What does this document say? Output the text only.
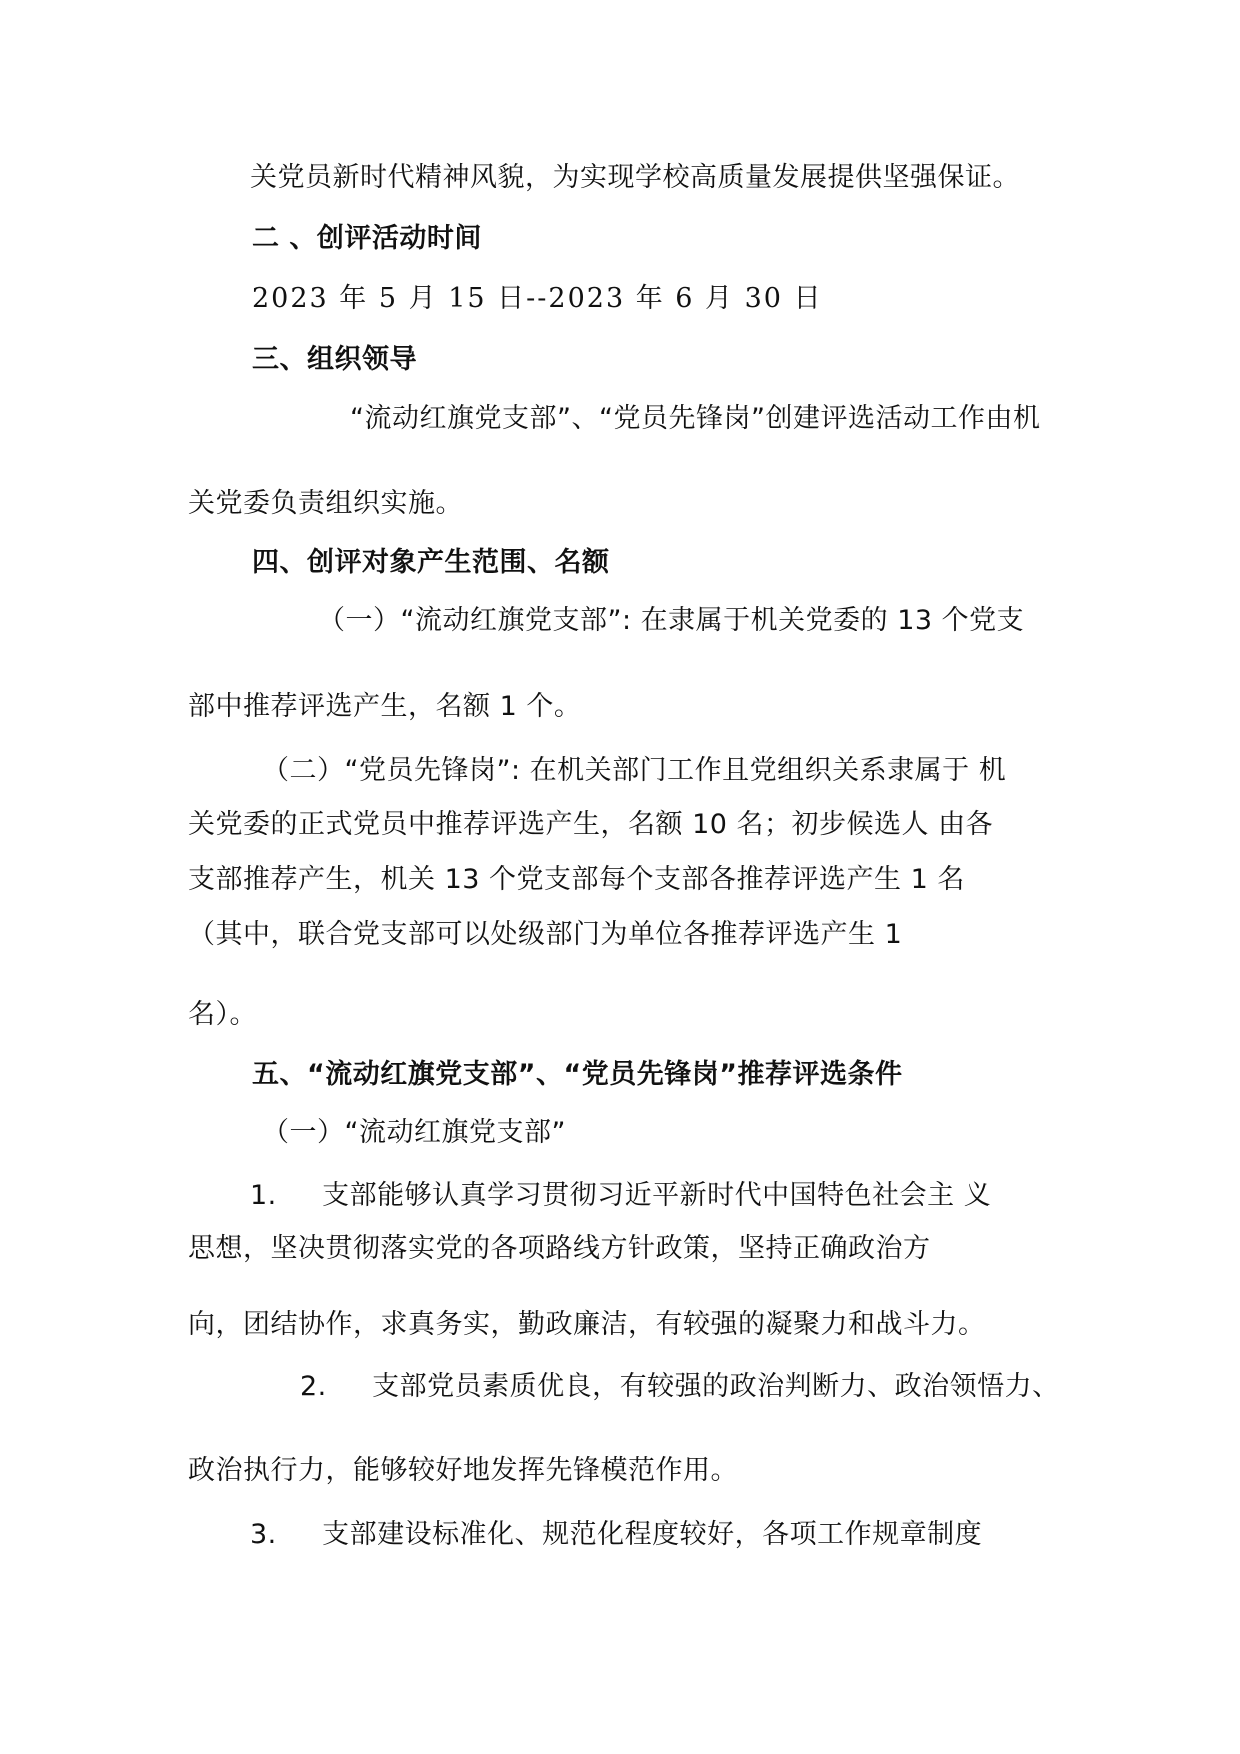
关党员新时代精神风貌，为实现学校高质量发展提供坚强保证。
二 、创评活动时间
2023 年 5 月 15 日--2023 年 6 月 30 日
三、组织领导
“流动红旗党支部”、“党员先锋岗”创建评选活动工作由机
关党委负责组织实施。
四、创评对象产生范围、名额
（一）“流动红旗党支部”: 在隶属于机关党委的 13 个党支
部中推荐评选产生，名额 1 个。
（二）“党员先锋岗”: 在机关部门工作且党组织关系隶属于 机
关党委的正式党员中推荐评选产生，名额 10 名；初步候选人 由各
支部推荐产生，机关 13 个党支部每个支部各推荐评选产生 1 名
（其中，联合党支部可以处级部门为单位各推荐评选产生 1
名）。
五、“流动红旗党支部”、“党员先锋岗”推荐评选条件
（一）“流动红旗党支部”
1.     支部能够认真学习贯彻习近平新时代中国特色社会主 义
思想，坚决贯彻落实党的各项路线方针政策，坚持正确政治方
向，团结协作，求真务实，勤政廉洁，有较强的凝聚力和战斗力。
2.     支部党员素质优良，有较强的政治判断力、政治领悟力、
政治执行力，能够较好地发挥先锋模范作用。
3.     支部建设标准化、规范化程度较好，各项工作规章制度
